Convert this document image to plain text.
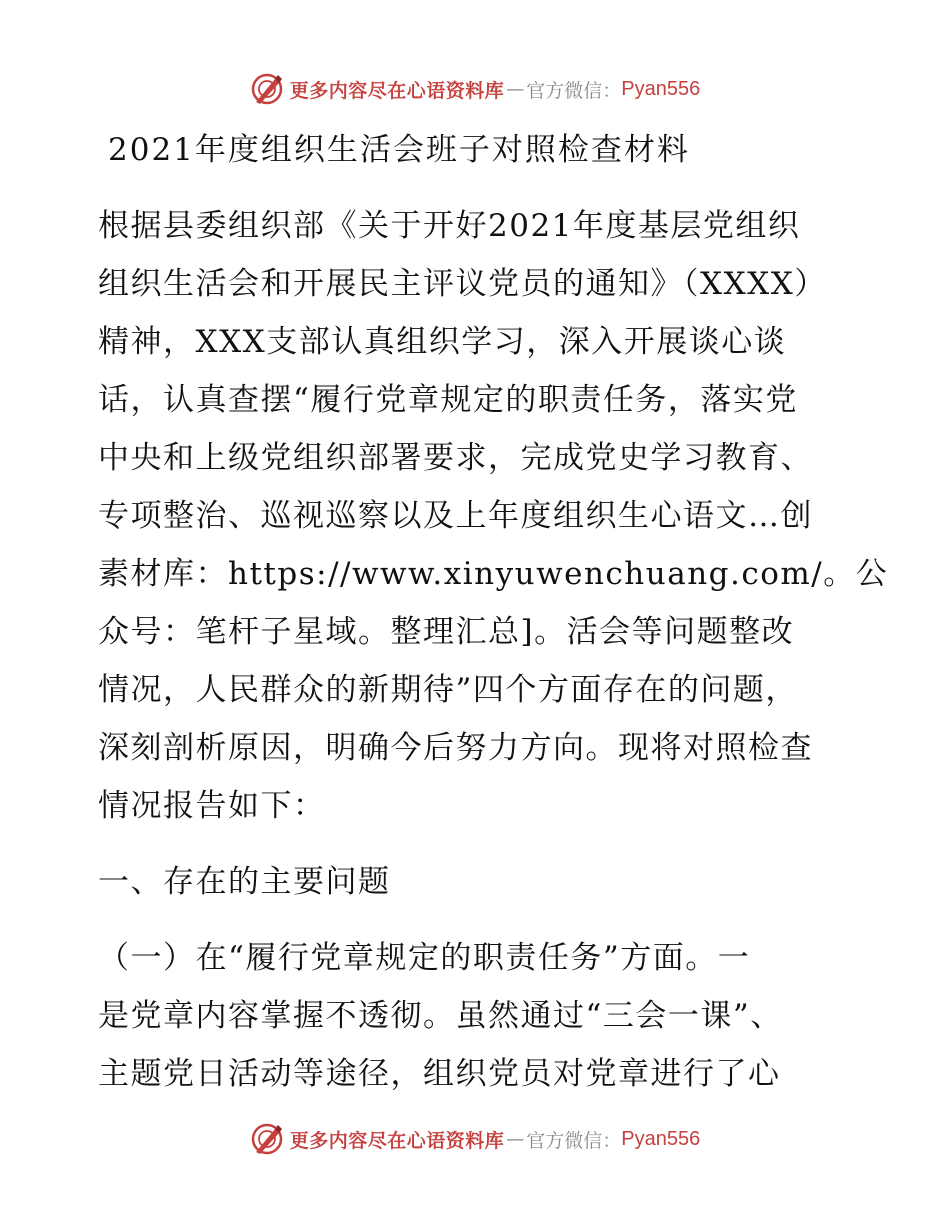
更多内容尽在心语资料库 — 官方微信： Pyan556
2021年度组织生活会班子对照检查材料

根据县委组织部《关于开好2021年度基层党组织

组织生活会和开展民主评议党员的通知》（XXXX）

精神，XXX支部认真组织学习，深入开展谈心谈

话，认真查摆“履行党章规定的职责任务，落实党

中央和上级党组织部署要求，完成党史学习教育、

专项整治、巡视巡察以及上年度组织生心语文…创

素材库：https://www.xinyuwenchuang.com/。公

众号：笔杆子星域。整理汇总]。活会等问题整改

情况，人民群众的新期待”四个方面存在的问题，

深刻剖析原因，明确今后努力方向。现将对照检查

情况报告如下：

一、存在的主要问题

（一）在“履行党章规定的职责任务”方面。一

是党章内容掌握不透彻。虽然通过“三会一课”、

主题党日活动等途径，组织党员对党章进行了心

更多内容尽在心语资料库 — 官方微信： Pyan556
